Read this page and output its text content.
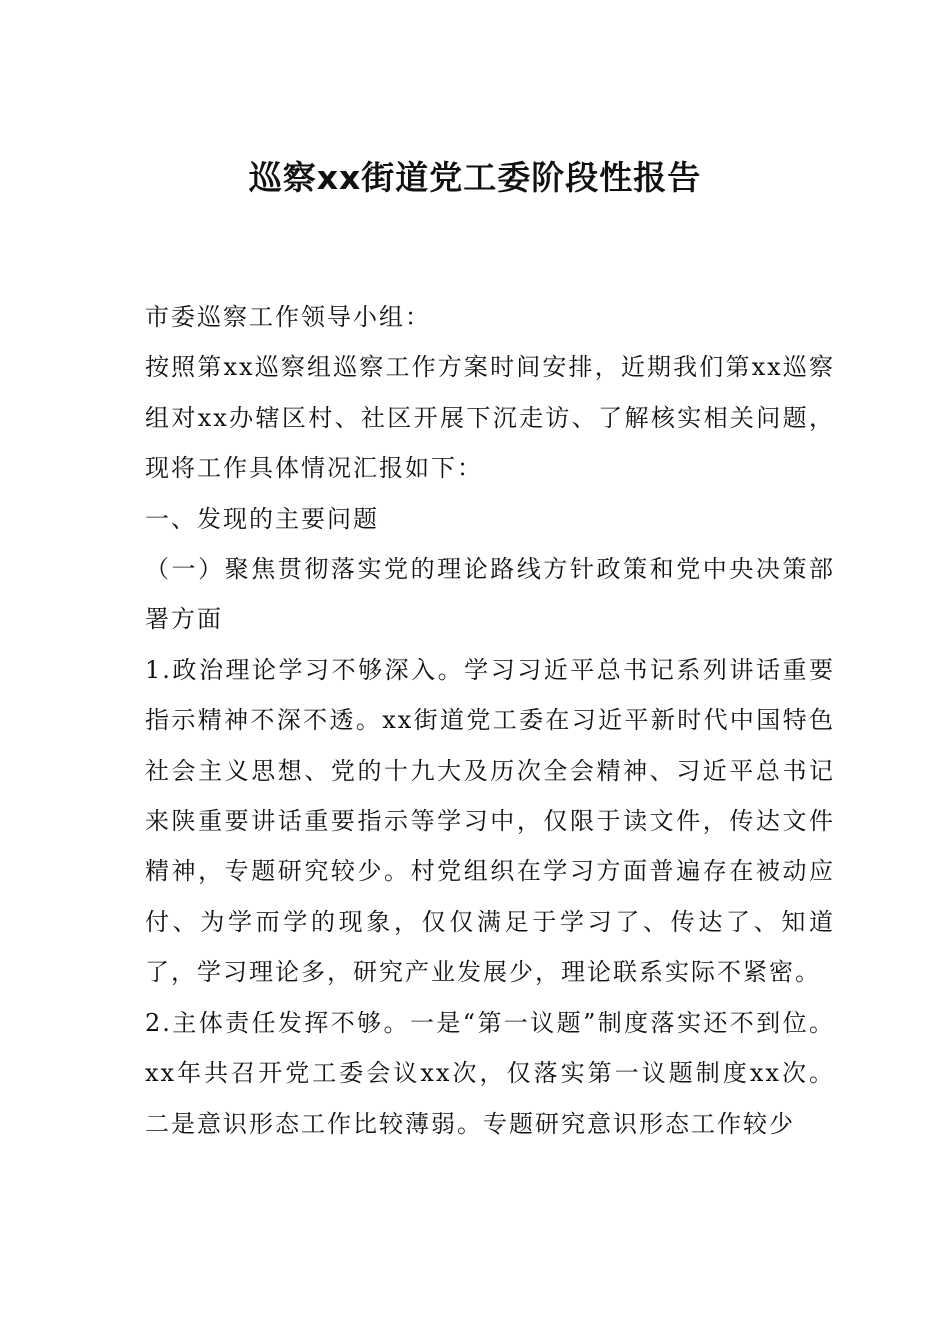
巡察xx街道党工委阶段性报告

市委巡察工作领导小组：

按照第xx巡察组巡察工作方案时间安排，近期我们第xx巡察组对xx办辖区村、社区开展下沉走访、了解核实相关问题，现将工作具体情况汇报如下：

一、发现的主要问题

（一）聚焦贯彻落实党的理论路线方针政策和党中央决策部署方面

1.政治理论学习不够深入。学习习近平总书记系列讲话重要指示精神不深不透。xx街道党工委在习近平新时代中国特色社会主义思想、党的十九大及历次全会精神、习近平总书记来陕重要讲话重要指示等学习中，仅限于读文件，传达文件精神，专题研究较少。村党组织在学习方面普遍存在被动应付、为学而学的现象，仅仅满足于学习了、传达了、知道了，学习理论多，研究产业发展少，理论联系实际不紧密。

2.主体责任发挥不够。一是“第一议题”制度落实还不到位。xx年共召开党工委会议xx次，仅落实第一议题制度xx次。二是意识形态工作比较薄弱。专题研究意识形态工作较少
